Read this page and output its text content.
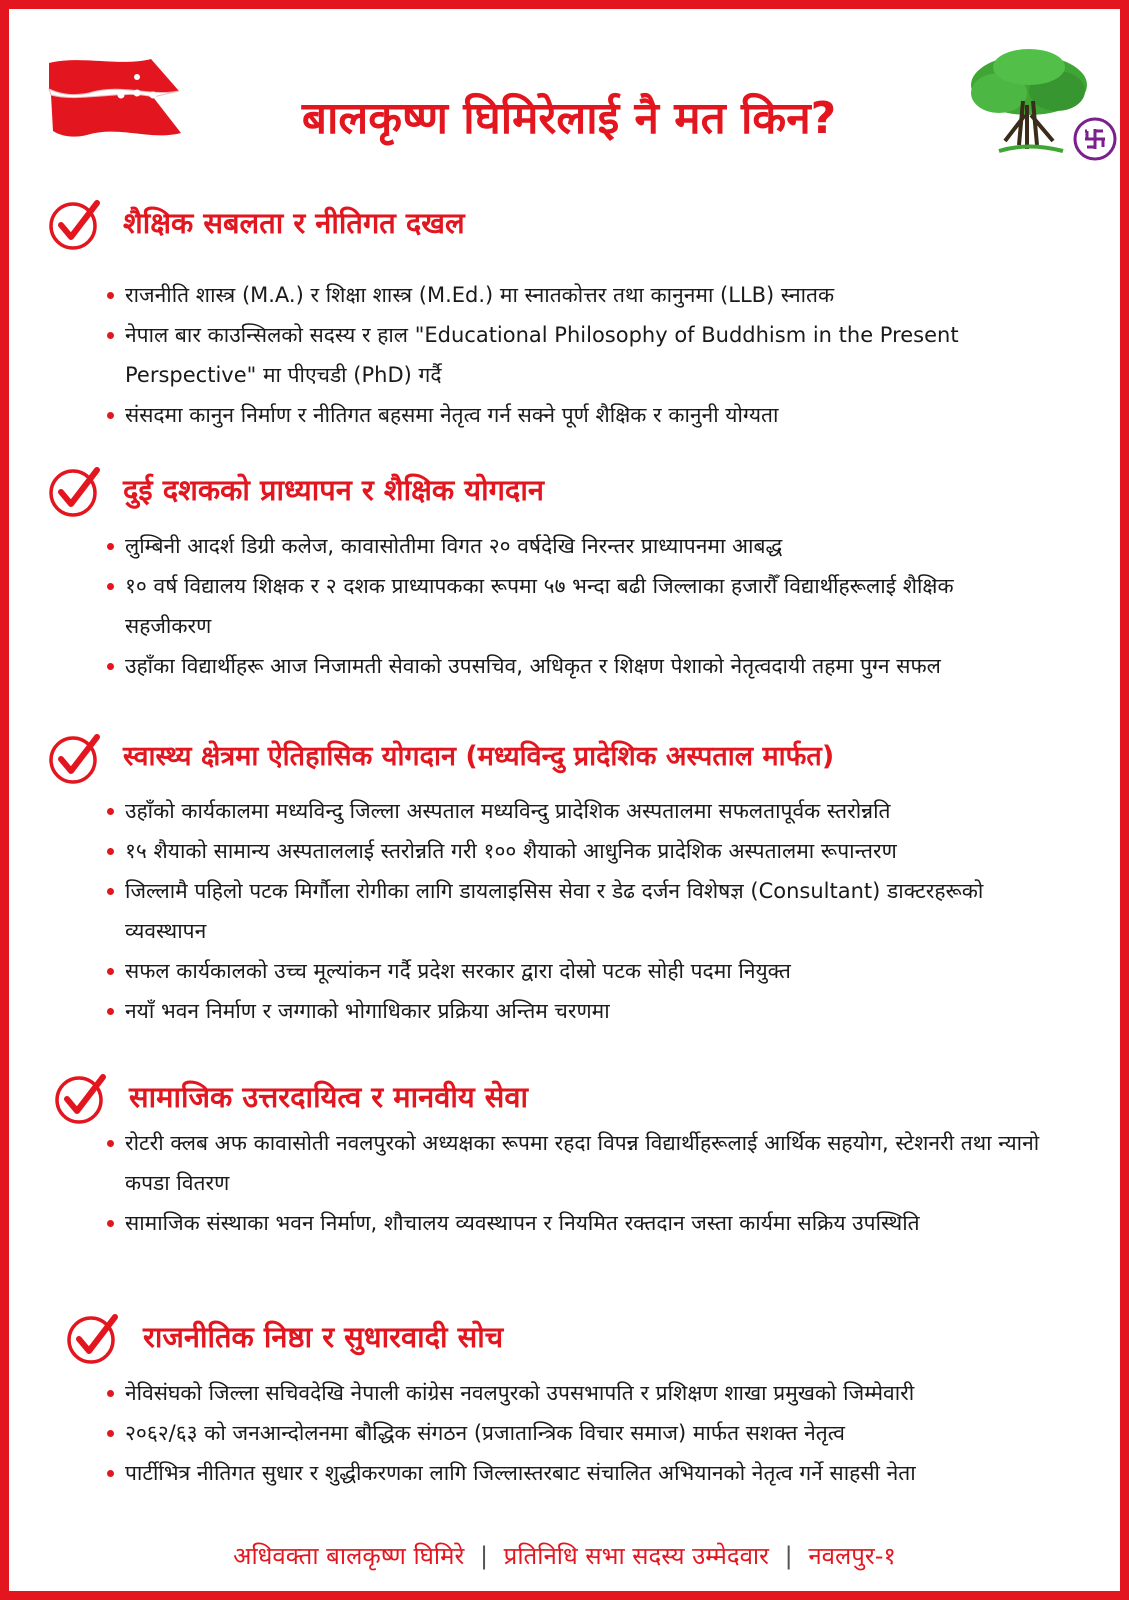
बालकृष्ण घिमिरेलाई नै मत किन?
शैक्षिक सबलता र नीतिगत दखल
राजनीति शास्त्र (M.A.) र शिक्षा शास्त्र (M.Ed.) मा स्नातकोत्तर तथा कानुनमा (LLB) स्नातक
नेपाल बार काउन्सिलको सदस्य र हाल "Educational Philosophy of Buddhism in the Present Perspective" मा पीएचडी (PhD) गर्दै
संसदमा कानुन निर्माण र नीतिगत बहसमा नेतृत्व गर्न सक्ने पूर्ण शैक्षिक र कानुनी योग्यता
दुई दशकको प्राध्यापन र शैक्षिक योगदान
लुम्बिनी आदर्श डिग्री कलेज, कावासोतीमा विगत २० वर्षदेखि निरन्तर प्राध्यापनमा आबद्ध
१० वर्ष विद्यालय शिक्षक र २ दशक प्राध्यापकका रूपमा ५७ भन्दा बढी जिल्लाका हजारौँ विद्यार्थीहरूलाई शैक्षिक सहजीकरण
उहाँका विद्यार्थीहरू आज निजामती सेवाको उपसचिव, अधिकृत र शिक्षण पेशाको नेतृत्वदायी तहमा पुग्न सफल
स्वास्थ्य क्षेत्रमा ऐतिहासिक योगदान (मध्यविन्दु प्रादेशिक अस्पताल मार्फत)
उहाँको कार्यकालमा मध्यविन्दु जिल्ला अस्पताल मध्यविन्दु प्रादेशिक अस्पतालमा सफलतापूर्वक स्तरोन्नति
१५ शैयाको सामान्य अस्पताललाई स्तरोन्नति गरी १०० शैयाको आधुनिक प्रादेशिक अस्पतालमा रूपान्तरण
जिल्लामै पहिलो पटक मिर्गौला रोगीका लागि डायलाइसिस सेवा र डेढ दर्जन विशेषज्ञ (Consultant) डाक्टरहरूको व्यवस्थापन
सफल कार्यकालको उच्च मूल्यांकन गर्दै प्रदेश सरकार द्वारा दोस्रो पटक सोही पदमा नियुक्त
नयाँ भवन निर्माण र जग्गाको भोगाधिकार प्रक्रिया अन्तिम चरणमा
सामाजिक उत्तरदायित्व र मानवीय सेवा
रोटरी क्लब अफ कावासोती नवलपुरको अध्यक्षका रूपमा रहदा विपन्न विद्यार्थीहरूलाई आर्थिक सहयोग, स्टेशनरी तथा न्यानो कपडा वितरण
सामाजिक संस्थाका भवन निर्माण, शौचालय व्यवस्थापन र नियमित रक्तदान जस्ता कार्यमा सक्रिय उपस्थिति
राजनीतिक निष्ठा र सुधारवादी सोच
नेविसंघको जिल्ला सचिवदेखि नेपाली कांग्रेस नवलपुरको उपसभापति र प्रशिक्षण शाखा प्रमुखको जिम्मेवारी
२०६२/६३ को जनआन्दोलनमा बौद्धिक संगठन (प्रजातान्त्रिक विचार समाज) मार्फत सशक्त नेतृत्व
पार्टीभित्र नीतिगत सुधार र शुद्धीकरणका लागि जिल्लास्तरबाट संचालित अभियानको नेतृत्व गर्ने साहसी नेता
अधिवक्ता बालकृष्ण घिमिरे | प्रतिनिधि सभा सदस्य उम्मेदवार | नवलपुर-१
